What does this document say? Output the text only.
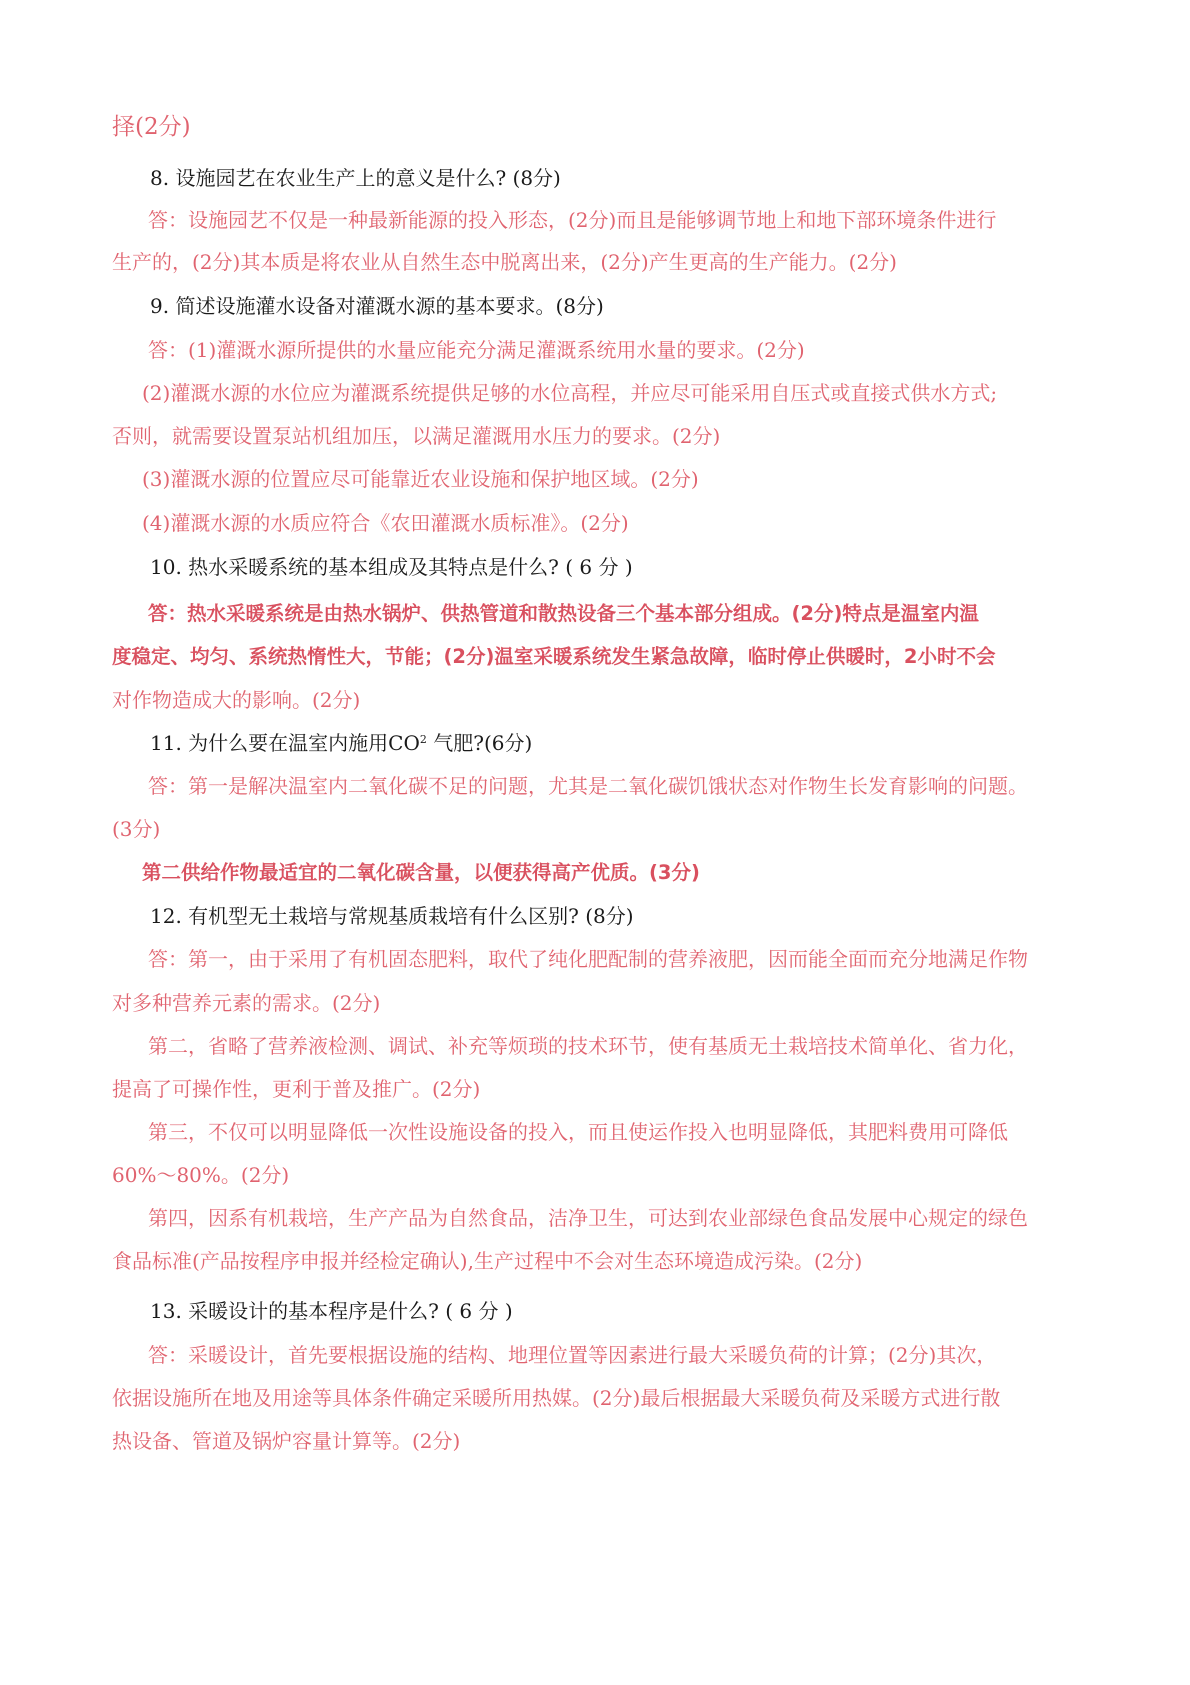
择(2分)
8. 设施园艺在农业生产上的意义是什么? (8分)
答：设施园艺不仅是一种最新能源的投入形态，(2分)而且是能够调节地上和地下部环境条件进行
生产的，(2分)其本质是将农业从自然生态中脱离出来，(2分)产生更高的生产能力。(2分)
9. 简述设施灌水设备对灌溉水源的基本要求。(8分)
答：(1)灌溉水源所提供的水量应能充分满足灌溉系统用水量的要求。(2分)
(2)灌溉水源的水位应为灌溉系统提供足够的水位高程，并应尽可能采用自压式或直接式供水方式;
否则，就需要设置泵站机组加压，以满足灌溉用水压力的要求。(2分)
(3)灌溉水源的位置应尽可能靠近农业设施和保护地区域。(2分)
(4)灌溉水源的水质应符合《农田灌溉水质标准》。(2分)
10. 热水采暖系统的基本组成及其特点是什么? ( 6 分 )
答：热水采暖系统是由热水锅炉、供热管道和散热设备三个基本部分组成。(2分)特点是温室内温
度稳定、均匀、系统热惰性大，节能；(2分)温室采暖系统发生紧急故障，临时停止供暖时，2小时不会
对作物造成大的影响。(2分)
11. 为什么要在温室内施用$CO^2$ 气肥?(6分)
答：第一是解决温室内二氧化碳不足的问题，尤其是二氧化碳饥饿状态对作物生长发育影响的问题。
(3分)
第二供给作物最适宜的二氧化碳含量，以便获得高产优质。(3分)
12. 有机型无土栽培与常规基质栽培有什么区别? (8分)
答：第一，由于采用了有机固态肥料，取代了纯化肥配制的营养液肥，因而能全面而充分地满足作物
对多种营养元素的需求。(2分)
第二，省略了营养液检测、调试、补充等烦琐的技术环节，使有基质无土栽培技术简单化、省力化，
提高了可操作性，更利于普及推广。(2分)
第三，不仅可以明显降低一次性设施设备的投入，而且使运作投入也明显降低，其肥料费用可降低
60%～80%。(2分)
第四，因系有机栽培，生产产品为自然食品，洁净卫生，可达到农业部绿色食品发展中心规定的绿色
食品标准(产品按程序申报并经检定确认),生产过程中不会对生态环境造成污染。(2分)
13. 采暖设计的基本程序是什么? ( 6 分 )
答：采暖设计，首先要根据设施的结构、地理位置等因素进行最大采暖负荷的计算；(2分)其次，
依据设施所在地及用途等具体条件确定采暖所用热媒。(2分)最后根据最大采暖负荷及采暖方式进行散
热设备、管道及锅炉容量计算等。(2分)
